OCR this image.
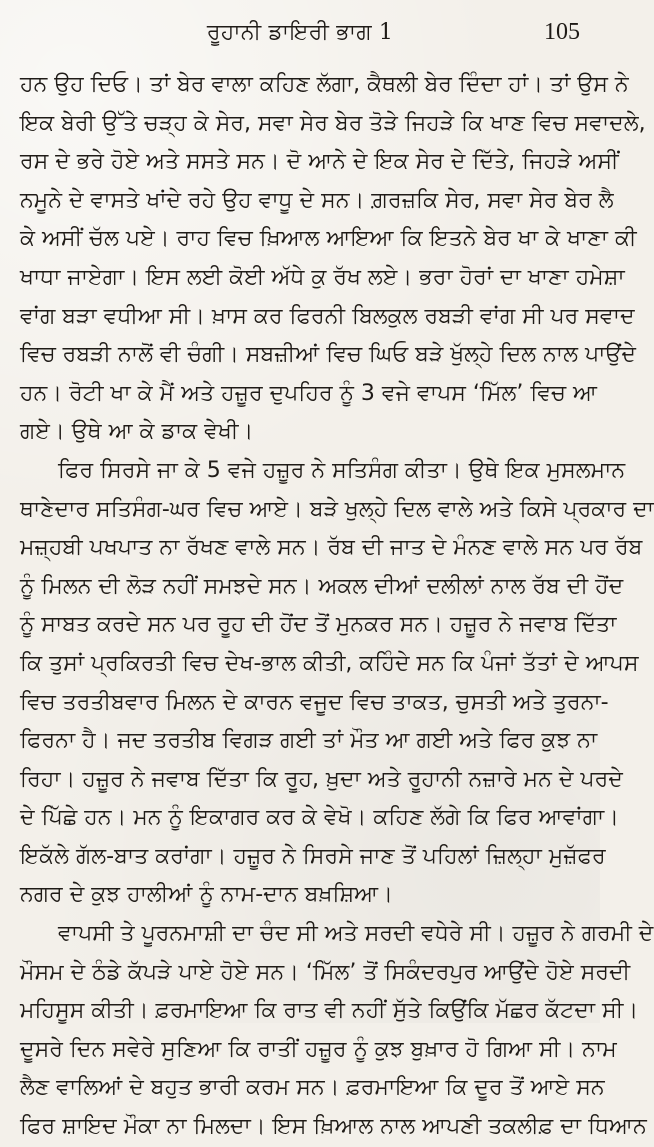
ਰੂਹਾਨੀ ਡਾਇਰੀ ਭਾਗ 1	105
ਹਨ ਉਹ ਦਿਓ। ਤਾਂ ਬੇਰ ਵਾਲਾ ਕਹਿਣ ਲੱਗਾ, ਕੈਥਲੀ ਬੇਰ ਦਿੰਦਾ ਹਾਂ। ਤਾਂ ਉਸ ਨੇ
ਇਕ ਬੇਰੀ ਉੱਤੇ ਚੜ੍ਹ ਕੇ ਸੇਰ, ਸਵਾ ਸੇਰ ਬੇਰ ਤੋੜੇ ਜਿਹੜੇ ਕਿ ਖਾਣ ਵਿਚ ਸਵਾਦਲੇ,
ਰਸ ਦੇ ਭਰੇ ਹੋਏ ਅਤੇ ਸਸਤੇ ਸਨ। ਦੋ ਆਨੇ ਦੇ ਇਕ ਸੇਰ ਦੇ ਦਿੱਤੇ, ਜਿਹੜੇ ਅਸੀਂ
ਨਮੂਨੇ ਦੇ ਵਾਸਤੇ ਖਾਂਦੇ ਰਹੇ ਉਹ ਵਾਧੂ ਦੇ ਸਨ। ਗ਼ਰਜ਼ਕਿ ਸੇਰ, ਸਵਾ ਸੇਰ ਬੇਰ ਲੈ
ਕੇ ਅਸੀਂ ਚੱਲ ਪਏ। ਰਾਹ ਵਿਚ ਖ਼ਿਆਲ ਆਇਆ ਕਿ ਇਤਨੇ ਬੇਰ ਖਾ ਕੇ ਖਾਣਾ ਕੀ
ਖਾਧਾ ਜਾਏਗਾ। ਇਸ ਲਈ ਕੋਈ ਅੱਧੇ ਕੁ ਰੱਖ ਲਏ। ਭਰਾ ਹੋਰਾਂ ਦਾ ਖਾਣਾ ਹਮੇਸ਼ਾ
ਵਾਂਗ ਬੜਾ ਵਧੀਆ ਸੀ। ਖ਼ਾਸ ਕਰ ਫਿਰਨੀ ਬਿਲਕੁਲ ਰਬੜੀ ਵਾਂਗ ਸੀ ਪਰ ਸਵਾਦ
ਵਿਚ ਰਬੜੀ ਨਾਲੋਂ ਵੀ ਚੰਗੀ। ਸਬਜ਼ੀਆਂ ਵਿਚ ਘਿਓ ਬੜੇ ਖੁੱਲ੍ਹੇ ਦਿਲ ਨਾਲ ਪਾਉਂਦੇ
ਹਨ। ਰੋਟੀ ਖਾ ਕੇ ਮੈਂ ਅਤੇ ਹਜ਼ੂਰ ਦੁਪਹਿਰ ਨੂੰ 3 ਵਜੇ ਵਾਪਸ ‘ਮਿੱਲ’ ਵਿਚ ਆ
ਗਏ। ਉਥੇ ਆ ਕੇ ਡਾਕ ਵੇਖੀ।
ਫਿਰ ਸਿਰਸੇ ਜਾ ਕੇ 5 ਵਜੇ ਹਜ਼ੂਰ ਨੇ ਸਤਿਸੰਗ ਕੀਤਾ। ਉਥੇ ਇਕ ਮੁਸਲਮਾਨ
ਥਾਣੇਦਾਰ ਸਤਿਸੰਗ-ਘਰ ਵਿਚ ਆਏ। ਬੜੇ ਖੁਲ੍ਹੇ ਦਿਲ ਵਾਲੇ ਅਤੇ ਕਿਸੇ ਪ੍ਰਕਾਰ ਦਾ
ਮਜ਼੍ਹਬੀ ਪਖਪਾਤ ਨਾ ਰੱਖਣ ਵਾਲੇ ਸਨ। ਰੱਬ ਦੀ ਜਾਤ ਦੇ ਮੰਨਣ ਵਾਲੇ ਸਨ ਪਰ ਰੱਬ
ਨੂੰ ਮਿਲਨ ਦੀ ਲੋੜ ਨਹੀਂ ਸਮਝਦੇ ਸਨ। ਅਕਲ ਦੀਆਂ ਦਲੀਲਾਂ ਨਾਲ ਰੱਬ ਦੀ ਹੋਂਦ
ਨੂੰ ਸਾਬਤ ਕਰਦੇ ਸਨ ਪਰ ਰੂਹ ਦੀ ਹੋਂਦ ਤੋਂ ਮੁਨਕਰ ਸਨ। ਹਜ਼ੂਰ ਨੇ ਜਵਾਬ ਦਿੱਤਾ
ਕਿ ਤੁਸਾਂ ਪ੍ਰਕਿਰਤੀ ਵਿਚ ਦੇਖ-ਭਾਲ ਕੀਤੀ, ਕਹਿੰਦੇ ਸਨ ਕਿ ਪੰਜਾਂ ਤੱਤਾਂ ਦੇ ਆਪਸ
ਵਿਚ ਤਰਤੀਬਵਾਰ ਮਿਲਨ ਦੇ ਕਾਰਨ ਵਜੂਦ ਵਿਚ ਤਾਕਤ, ਚੁਸਤੀ ਅਤੇ ਤੁਰਨਾ-
ਫਿਰਨਾ ਹੈ। ਜਦ ਤਰਤੀਬ ਵਿਗੜ ਗਈ ਤਾਂ ਮੌਤ ਆ ਗਈ ਅਤੇ ਫਿਰ ਕੁਝ ਨਾ
ਰਿਹਾ। ਹਜ਼ੂਰ ਨੇ ਜਵਾਬ ਦਿੱਤਾ ਕਿ ਰੂਹ, ਖ਼ੁਦਾ ਅਤੇ ਰੂਹਾਨੀ ਨਜ਼ਾਰੇ ਮਨ ਦੇ ਪਰਦੇ
ਦੇ ਪਿੱਛੇ ਹਨ। ਮਨ ਨੂੰ ਇਕਾਗਰ ਕਰ ਕੇ ਵੇਖੋ। ਕਹਿਣ ਲੱਗੇ ਕਿ ਫਿਰ ਆਵਾਂਗਾ।
ਇਕੱਲੇ ਗੱਲ-ਬਾਤ ਕਰਾਂਗਾ। ਹਜ਼ੂਰ ਨੇ ਸਿਰਸੇ ਜਾਣ ਤੋਂ ਪਹਿਲਾਂ ਜ਼ਿਲ੍ਹਾ ਮੁਜ਼ੱਫਰ
ਨਗਰ ਦੇ ਕੁਝ ਹਾਲੀਆਂ ਨੂੰ ਨਾਮ-ਦਾਨ ਬਖ਼ਸ਼ਿਆ।
ਵਾਪਸੀ ਤੇ ਪੂਰਨਮਾਸ਼ੀ ਦਾ ਚੰਦ ਸੀ ਅਤੇ ਸਰਦੀ ਵਧੇਰੇ ਸੀ। ਹਜ਼ੂਰ ਨੇ ਗਰਮੀ ਦੇ
ਮੌਸਮ ਦੇ ਠੰਡੇ ਕੱਪੜੇ ਪਾਏ ਹੋਏ ਸਨ। ‘ਮਿੱਲ’ ਤੋਂ ਸਿਕੰਦਰਪੁਰ ਆਉਂਦੇ ਹੋਏ ਸਰਦੀ
ਮਹਿਸੂਸ ਕੀਤੀ। ਫ਼ਰਮਾਇਆ ਕਿ ਰਾਤ ਵੀ ਨਹੀਂ ਸੁੱਤੇ ਕਿਉਂਕਿ ਮੱਛਰ ਕੱਟਦਾ ਸੀ।
ਦੂਸਰੇ ਦਿਨ ਸਵੇਰੇ ਸੁਣਿਆ ਕਿ ਰਾਤੀਂ ਹਜ਼ੂਰ ਨੂੰ ਕੁਝ ਬੁਖ਼ਾਰ ਹੋ ਗਿਆ ਸੀ। ਨਾਮ
ਲੈਣ ਵਾਲਿਆਂ ਦੇ ਬਹੁਤ ਭਾਰੀ ਕਰਮ ਸਨ। ਫ਼ਰਮਾਇਆ ਕਿ ਦੂਰ ਤੋਂ ਆਏ ਸਨ
ਫਿਰ ਸ਼ਾਇਦ ਮੌਕਾ ਨਾ ਮਿਲਦਾ। ਇਸ ਖ਼ਿਆਲ ਨਾਲ ਆਪਣੀ ਤਕਲੀਫ਼ ਦਾ ਧਿਆਨ
